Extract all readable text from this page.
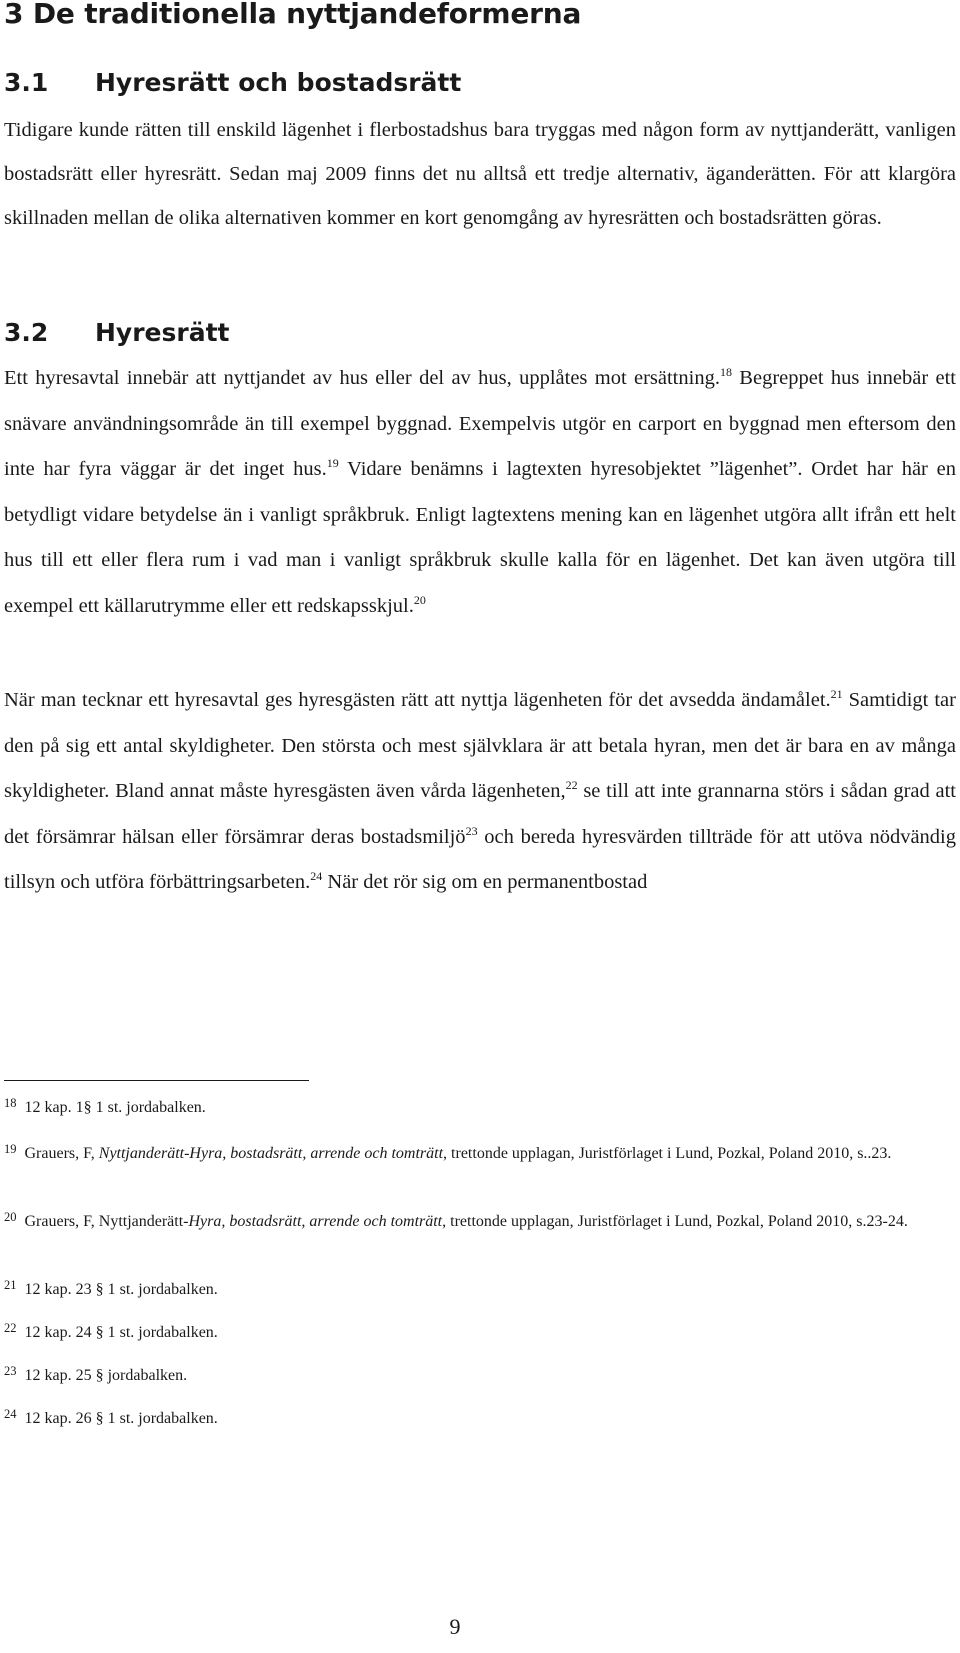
3 De traditionella nyttjandeformerna
3.1 Hyresrätt och bostadsrätt

Tidigare kunde rätten till enskild lägenhet i flerbostadshus bara tryggas med någon form av nyttjanderätt, vanligen bostadsrätt eller hyresrätt. Sedan maj 2009 finns det nu alltså ett tredje alternativ, äganderätten. För att klargöra skillnaden mellan de olika alternativen kommer en kort genomgång av hyresrätten och bostadsrätten göras.

3.2 Hyresrätt

Ett hyresavtal innebär att nyttjandet av hus eller del av hus, upplåtes mot ersättning.$^{18}$ Begreppet hus innebär ett snävare användningsområde än till exempel byggnad. Exempelvis utgör en carport en byggnad men eftersom den inte har fyra väggar är det inget hus.$^{19}$ Vidare benämns i lagtexten hyresobjektet ”lägenhet”. Ordet har här en betydligt vidare betydelse än i vanligt språkbruk. Enligt lagtextens mening kan en lägenhet utgöra allt ifrån ett helt hus till ett eller flera rum i vad man i vanligt språkbruk skulle kalla för en lägenhet. Det kan även utgöra till exempel ett källarutrymme eller ett redskapsskjul.$^{20}$

När man tecknar ett hyresavtal ges hyresgästen rätt att nyttja lägenheten för det avsedda ändamålet.$^{21}$ Samtidigt tar den på sig ett antal skyldigheter. Den största och mest självklara är att betala hyran, men det är bara en av många skyldigheter. Bland annat måste hyresgästen även vårda lägenheten,$^{22}$ se till att inte grannarna störs i sådan grad att det försämrar hälsan eller försämrar deras bostadsmiljö$^{23}$ och bereda hyresvärden tillträde för att utöva nödvändig tillsyn och utföra förbättringsarbeten.$^{24}$ När det rör sig om en permanentbostad

$^{18}$ 12 kap. 1§ 1 st. jordabalken.
$^{19}$ Grauers, F, Nyttjanderätt-Hyra, bostadsrätt, arrende och tomträtt, trettonde upplagan, Juristförlaget i Lund, Pozkal, Poland 2010, s..23.
$^{20}$ Grauers, F, Nyttjanderätt-Hyra, bostadsrätt, arrende och tomträtt, trettonde upplagan, Juristförlaget i Lund, Pozkal, Poland 2010, s.23-24.
$^{21}$ 12 kap. 23 § 1 st. jordabalken.
$^{22}$ 12 kap. 24 § 1 st. jordabalken.
$^{23}$ 12 kap. 25 § jordabalken.
$^{24}$ 12 kap. 26 § 1 st. jordabalken.
9
